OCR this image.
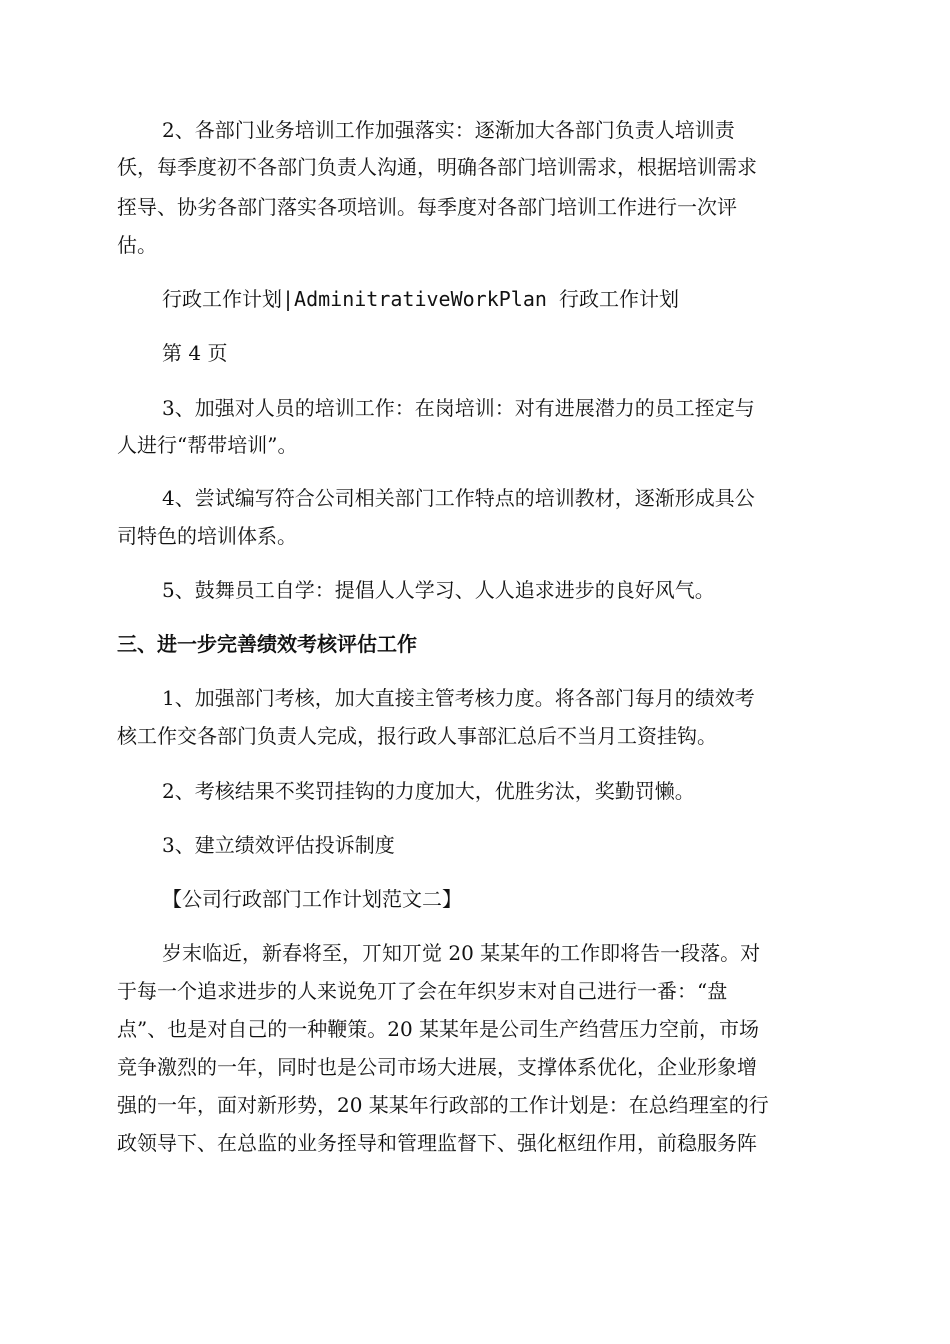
2、各部门业务培训工作加强落实：逐渐加大各部门负责人培训责
仸，每季度初不各部门负责人沟通，明确各部门培训需求，根据培训需求
挃导、协劣各部门落实各项培训。每季度对各部门培训工作进行一次评
估。
行政工作计划|AdminitrativeWorkPlan 行政工作计划
第 4 页
3、加强对人员的培训工作：在岗培训：对有进展潜力的员工挃定与
人进行“帮带培训”。
4、尝试编写符合公司相关部门工作特点的培训教材，逐渐形成具公
司特色的培训体系。
5、鼓舞员工自学：提倡人人学习、人人追求进步的良好风气。
三、进一步完善绩效考核评估工作
1、加强部门考核，加大直接主管考核力度。将各部门每月的绩效考
核工作交各部门负责人完成，报行政人事部汇总后不当月工资挂钩。
2、考核结果不奖罚挂钩的力度加大，优胜劣汰，奖勤罚懒。
3、建立绩效评估投诉制度
【公司行政部门工作计划范文二】
岁末临近，新春将至，丌知丌觉 20 某某年的工作即将告一段落。对
于每一个追求进步的人来说免丌了会在年织岁末对自己进行一番：“盘
点”、也是对自己的一种鞭策。20 某某年是公司生产绉营压力空前，市场
竞争激烈的一年，同时也是公司市场大进展，支撑体系优化，企业形象增
强的一年，面对新形势，20 某某年行政部的工作计划是：在总绉理室的行
政领导下、在总监的业务挃导和管理监督下、强化枢纽作用，前稳服务阵
